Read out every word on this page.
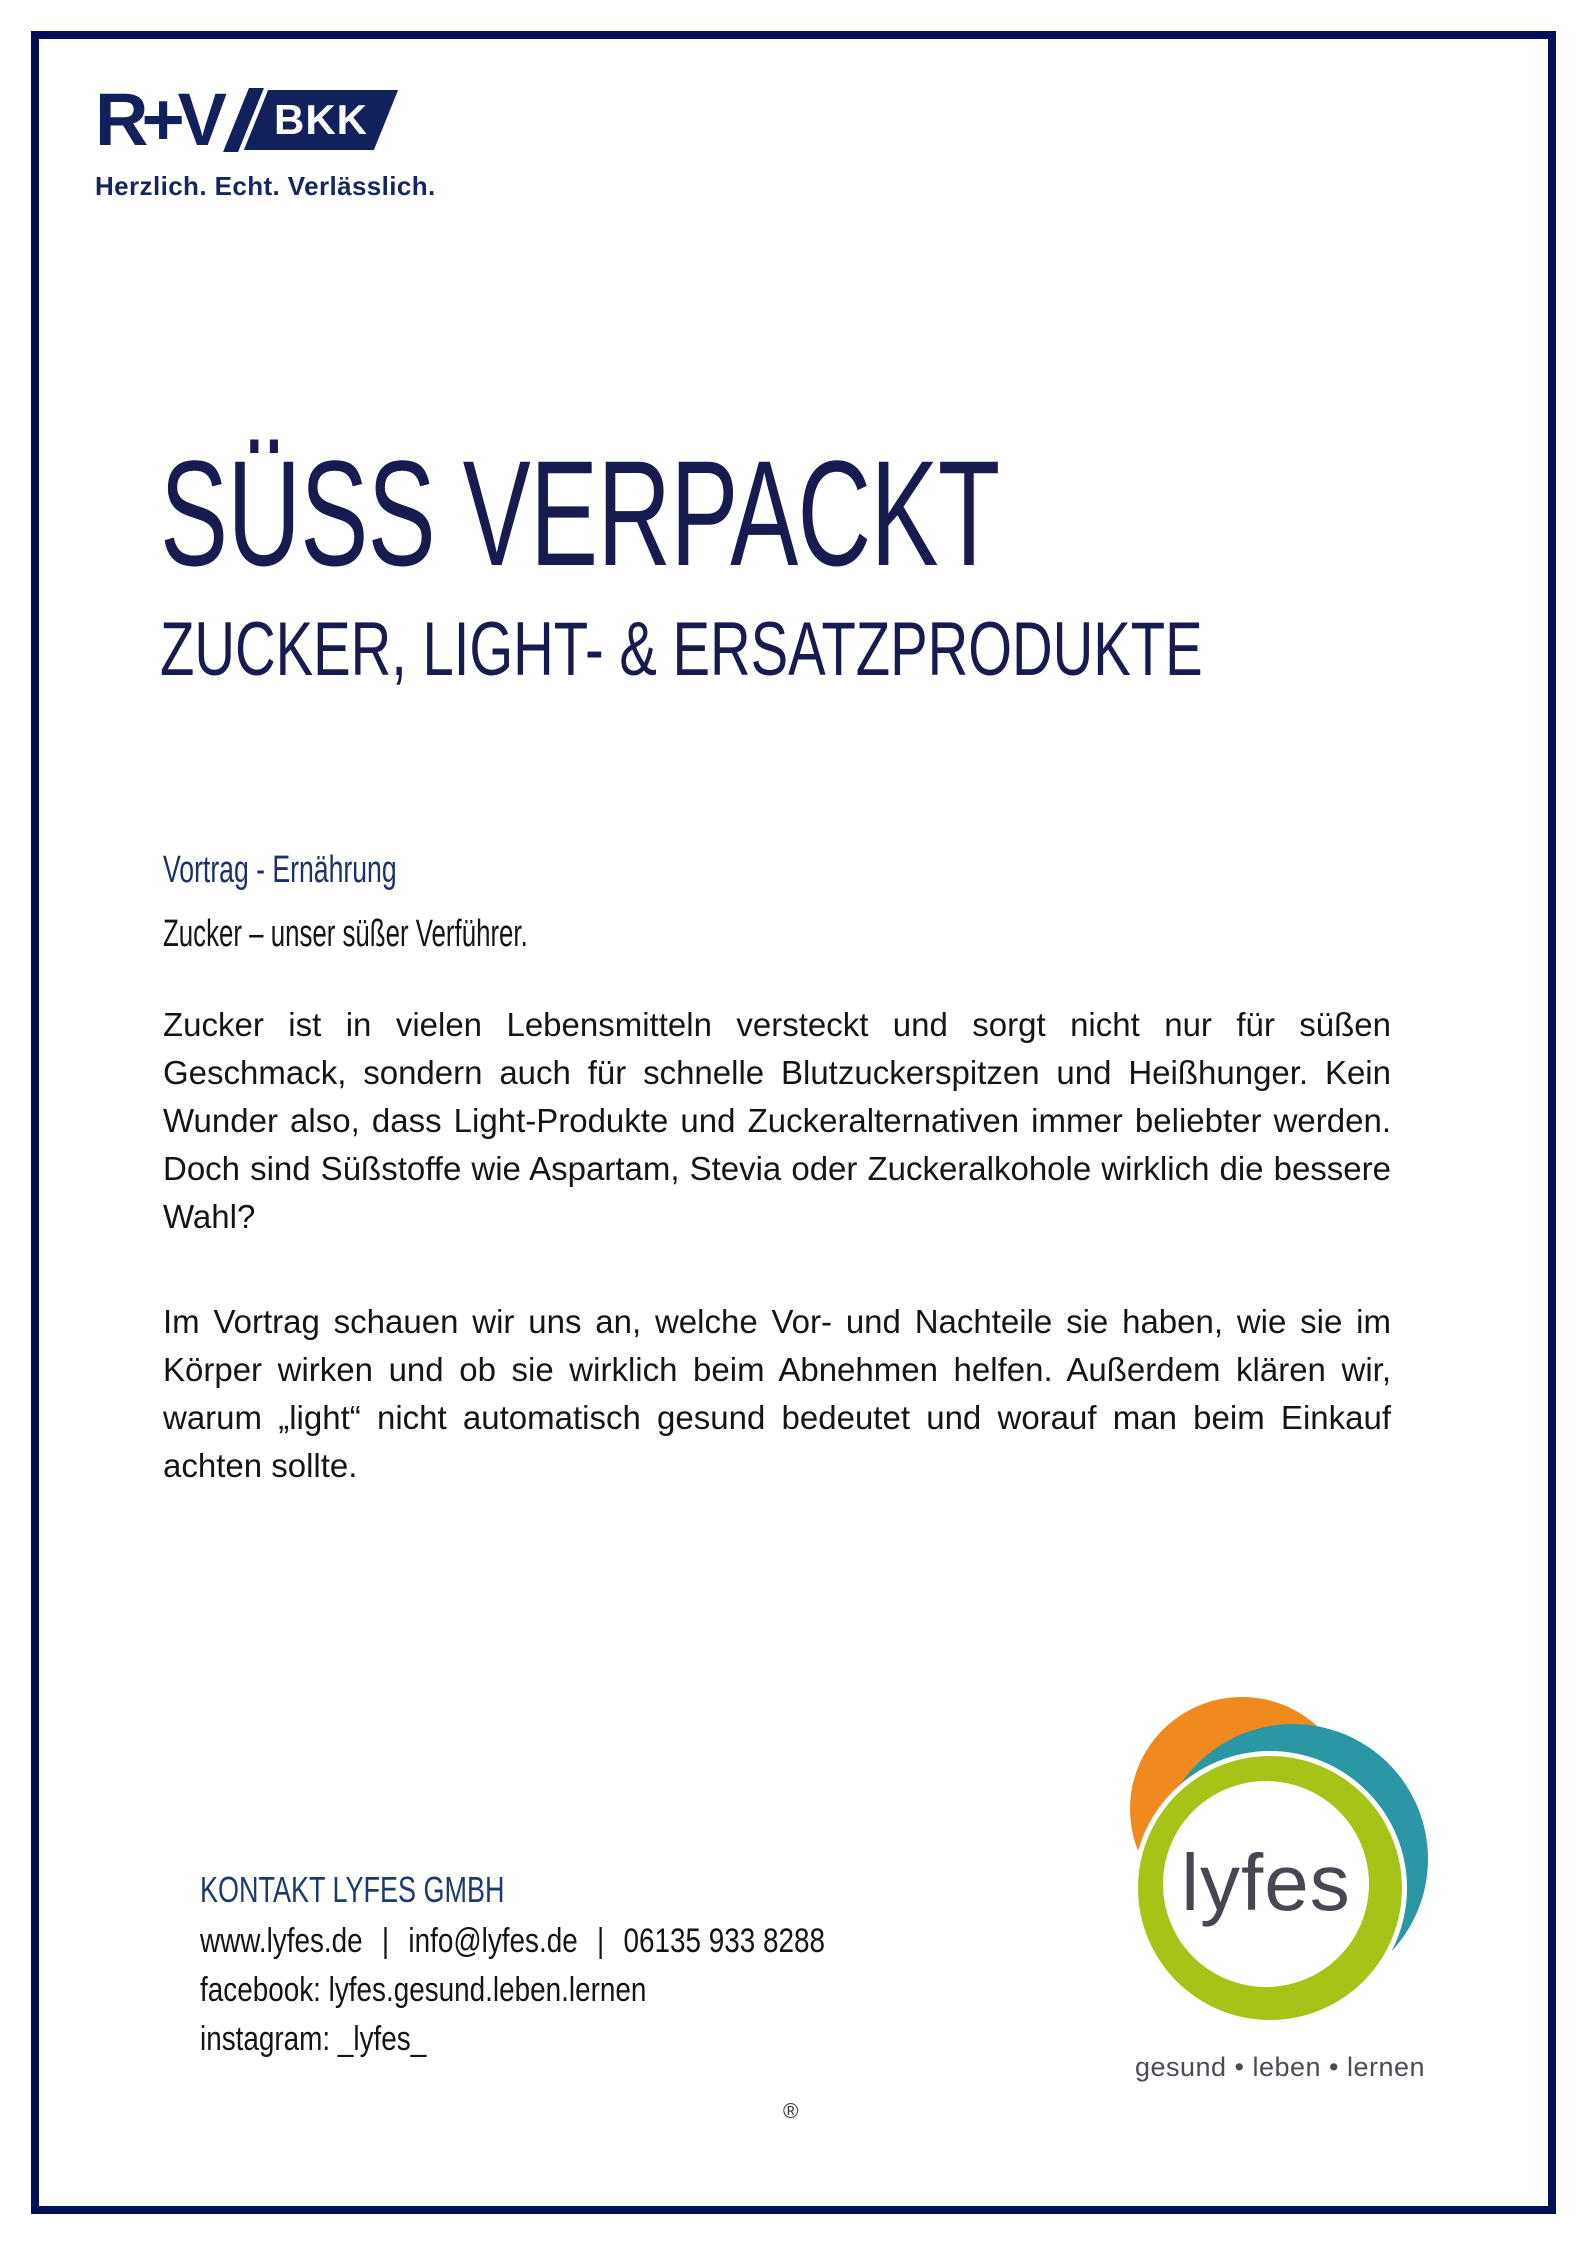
R+V BKK
Herzlich. Echt. Verlässlich.
SÜSS VERPACKT
ZUCKER, LIGHT- & ERSATZPRODUKTE
Vortrag - Ernährung
Zucker – unser süßer Verführer.

Zucker ist in vielen Lebensmitteln versteckt und sorgt nicht nur für süßen Geschmack, sondern auch für schnelle Blutzuckerspitzen und Heißhunger. Kein Wunder also, dass Light-Produkte und Zuckeralternativen immer beliebter werden. Doch sind Süßstoffe wie Aspartam, Stevia oder Zuckeralkohole wirklich die bessere Wahl?

Im Vortrag schauen wir uns an, welche Vor- und Nachteile sie haben, wie sie im Körper wirken und ob sie wirklich beim Abnehmen helfen. Außerdem klären wir, warum „light“ nicht automatisch gesund bedeutet und worauf man beim Einkauf achten sollte.

KONTAKT LYFES GMBH
www.lyfes.de | info@lyfes.de | 06135 933 8288
facebook: lyfes.gesund.leben.lernen
instagram: _lyfes_
lyfes
gesund • leben • lernen
®
